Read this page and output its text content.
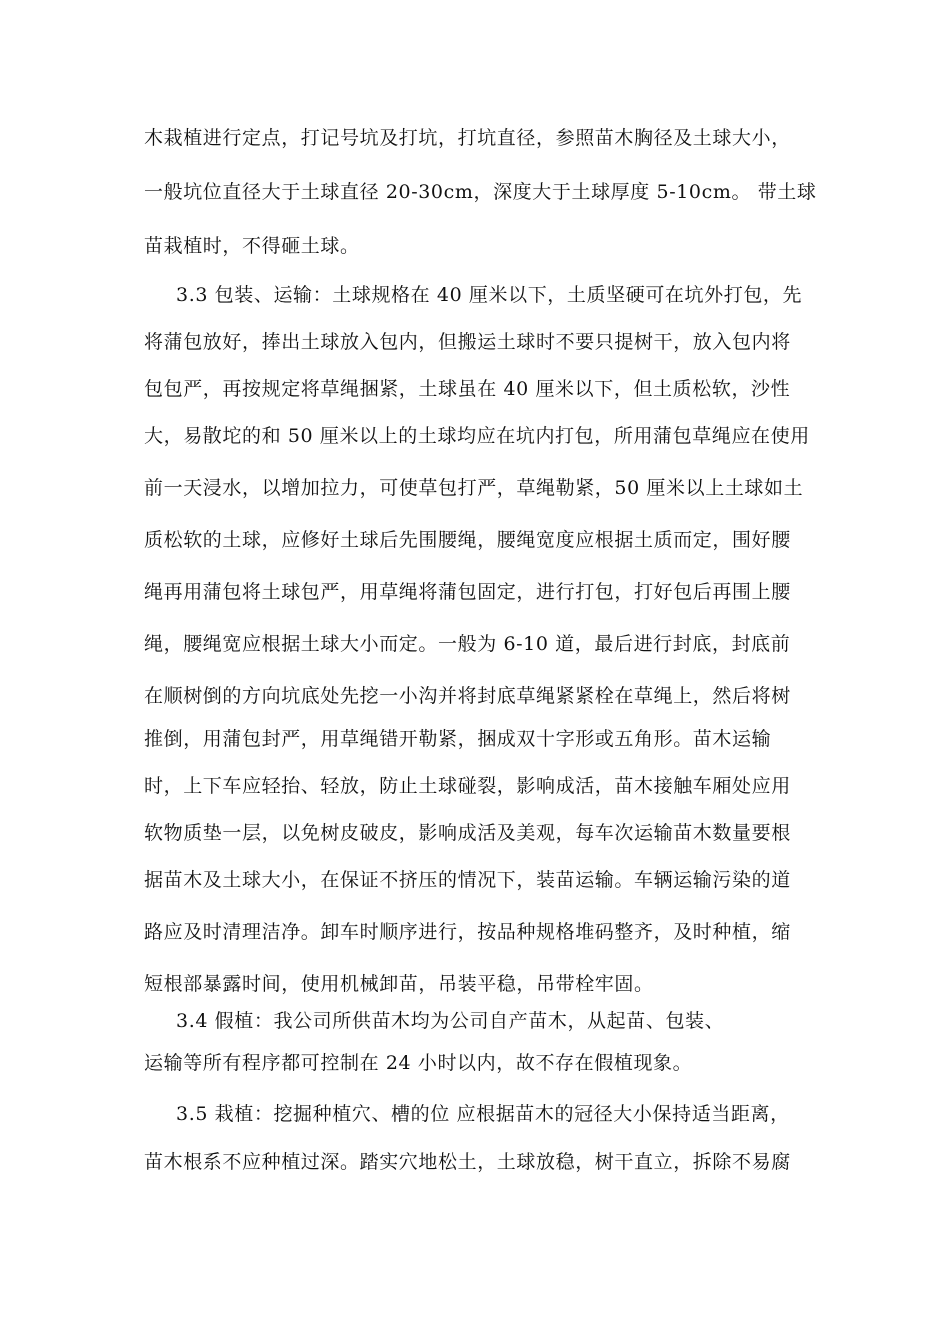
木栽植进行定点，打记号坑及打坑，打坑直径，参照苗木胸径及土球大小，
一般坑位直径大于土球直径 20-30cm，深度大于土球厚度 5-10cm。 带土球
苗栽植时，不得砸土球。
3.3 包装、运输：土球规格在 40 厘米以下，土质坚硬可在坑外打包，先
将蒲包放好，捧出土球放入包内，但搬运土球时不要只提树干，放入包内将
包包严，再按规定将草绳捆紧，土球虽在 40 厘米以下，但土质松软，沙性
大，易散坨的和 50 厘米以上的土球均应在坑内打包，所用蒲包草绳应在使用
前一天浸水，以增加拉力，可使草包打严，草绳勒紧，50 厘米以上土球如土
质松软的土球，应修好土球后先围腰绳，腰绳宽度应根据土质而定，围好腰
绳再用蒲包将土球包严，用草绳将蒲包固定，进行打包，打好包后再围上腰
绳，腰绳宽应根据土球大小而定。一般为 6-10 道，最后进行封底，封底前
在顺树倒的方向坑底处先挖一小沟并将封底草绳紧紧栓在草绳上，然后将树
推倒，用蒲包封严，用草绳错开勒紧，捆成双十字形或五角形。苗木运输
时，上下车应轻抬、轻放，防止土球碰裂，影响成活，苗木接触车厢处应用
软物质垫一层，以免树皮破皮，影响成活及美观，每车次运输苗木数量要根
据苗木及土球大小，在保证不挤压的情况下，装苗运输。车辆运输污染的道
路应及时清理洁净。卸车时顺序进行，按品种规格堆码整齐，及时种植，缩
短根部暴露时间，使用机械卸苗，吊装平稳，吊带栓牢固。
3.4 假植：我公司所供苗木均为公司自产苗木，从起苗、包装、
运输等所有程序都可控制在 24 小时以内，故不存在假植现象。
3.5 栽植：挖掘种植穴、槽的位 应根据苗木的冠径大小保持适当距离，
苗木根系不应种植过深。踏实穴地松土，土球放稳，树干直立，拆除不易腐
